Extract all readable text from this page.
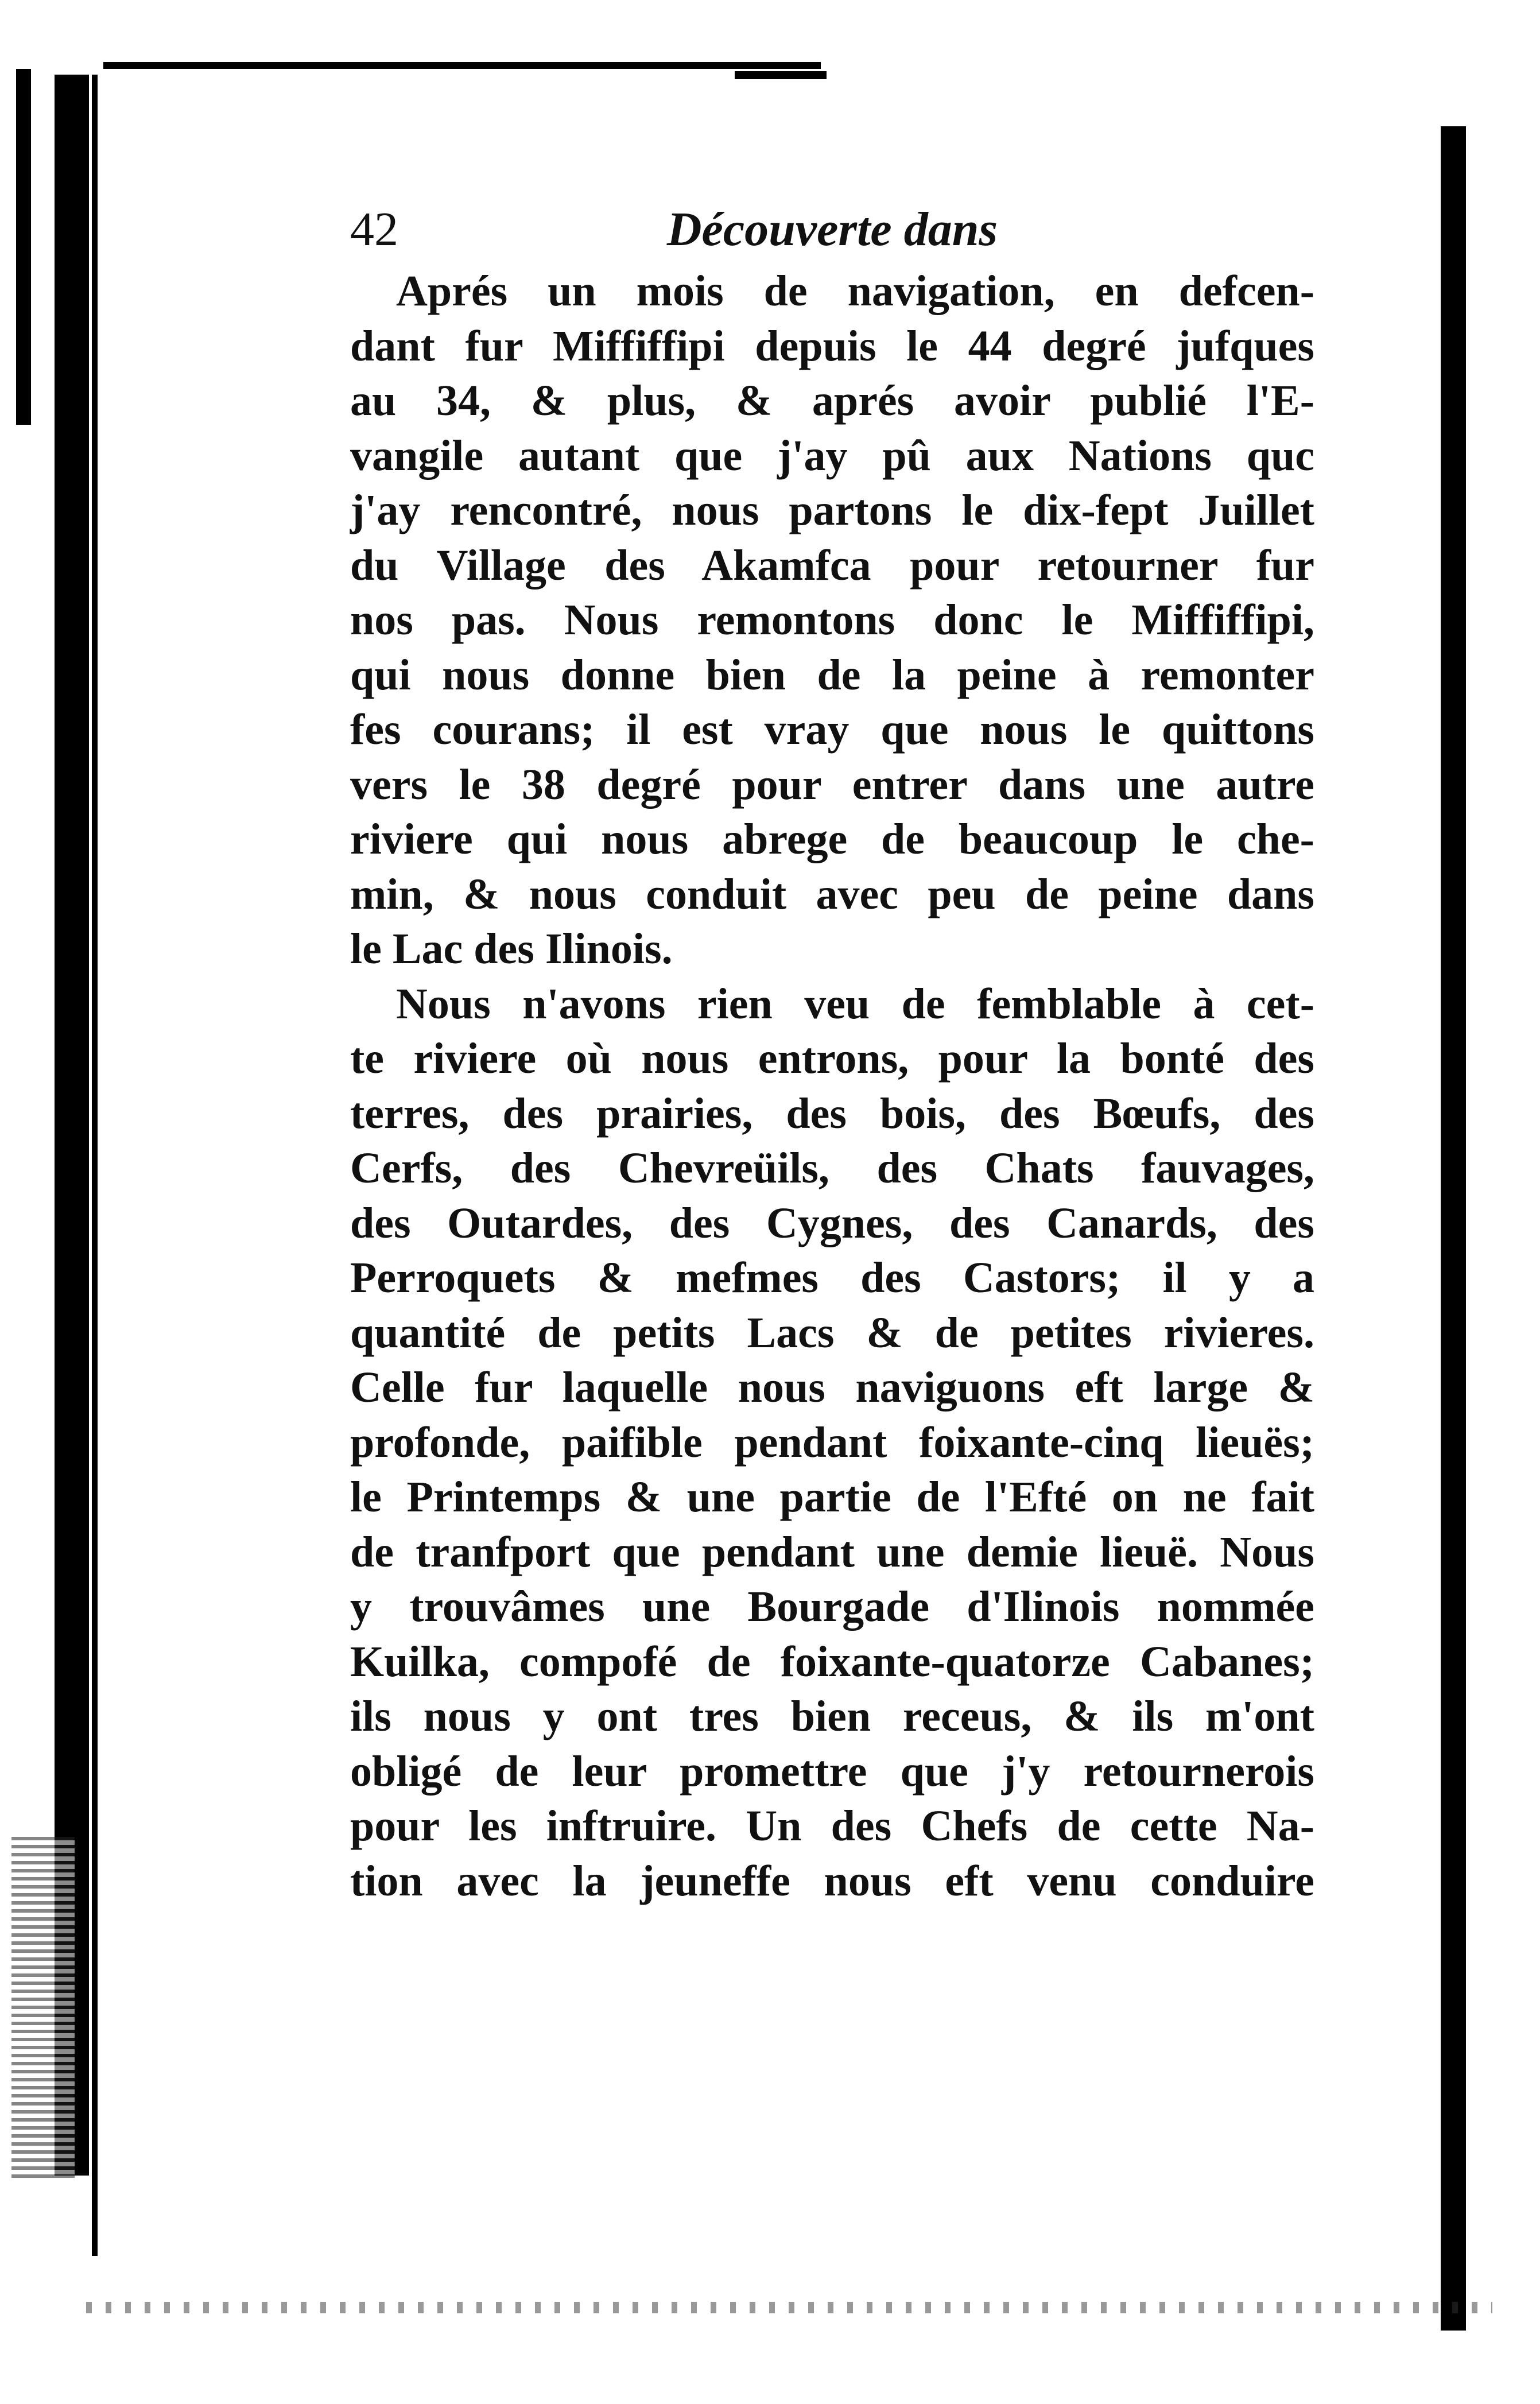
42	Découverte dans
Aprés un mois de navigation, en defcen-
dant fur Miffiffipi depuis le 44 degré jufques
au 34, & plus, & aprés avoir publié l'E-
vangile autant que j'ay pû aux Nations quc
j'ay rencontré, nous partons le dix-fept Juillet
du Village des Akamfca pour retourner fur
nos pas. Nous remontons donc le Miffiffipi,
qui nous donne bien de la peine à remonter
fes courans; il est vray que nous le quittons
vers le 38 degré pour entrer dans une autre
riviere qui nous abrege de beaucoup le che-
min, & nous conduit avec peu de peine dans
le Lac des Ilinois.
Nous n'avons rien veu de femblable à cet-
te riviere où nous entrons, pour la bonté des
terres, des prairies, des bois, des Bœufs, des
Cerfs, des Chevreüils, des Chats fauvages,
des Outardes, des Cygnes, des Canards, des
Perroquets & mefmes des Castors; il y a
quantité de petits Lacs & de petites rivieres.
Celle fur laquelle nous naviguons eft large &
profonde, paifible pendant foixante-cinq lieuës;
le Printemps & une partie de l'Efté on ne fait
de tranfport que pendant une demie lieuë. Nous
y trouvâmes une Bourgade d'Ilinois nommée
Kuilka, compofé de foixante-quatorze Cabanes;
ils nous y ont tres bien receus, & ils m'ont
obligé de leur promettre que j'y retournerois
pour les inftruire. Un des Chefs de cette Na-
tion avec la jeuneffe nous eft venu conduire
